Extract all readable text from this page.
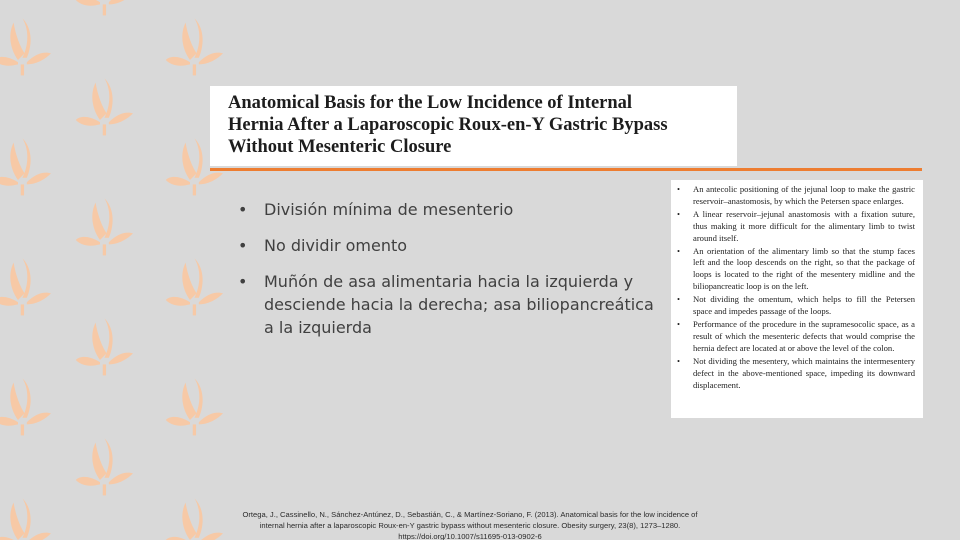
Anatomical Basis for the Low Incidence of Internal
Hernia After a Laparoscopic Roux-en-Y Gastric Bypass
Without Mesenteric Closure
• División mínima de mesenterio
• No dividir omento
• Muñón de asa alimentaria hacia la izquierda y desciende hacia la derecha; asa biliopancreática a la izquierda
• An antecolic positioning of the jejunal loop to make the gastric reservoir–anastomosis, by which the Petersen space enlarges.
• A linear reservoir–jejunal anastomosis with a fixation suture, thus making it more difficult for the alimentary limb to twist around itself.
• An orientation of the alimentary limb so that the stump faces left and the loop descends on the right, so that the package of loops is located to the right of the mesentery midline and the biliopancreatic loop is on the left.
• Not dividing the omentum, which helps to fill the Petersen space and impedes passage of the loops.
• Performance of the procedure in the supramesocolic space, as a result of which the mesenteric defects that would comprise the hernia defect are located at or above the level of the colon.
• Not dividing the mesentery, which maintains the intermesentery defect in the above-mentioned space, impeding its downward displacement.
Ortega, J., Cassinello, N., Sánchez-Antúnez, D., Sebastián, C., & Martínez-Soriano, F. (2013). Anatomical basis for the low incidence of
internal hernia after a laparoscopic Roux-en-Y gastric bypass without mesenteric closure. Obesity surgery, 23(8), 1273–1280.
https://doi.org/10.1007/s11695-013-0902-6
